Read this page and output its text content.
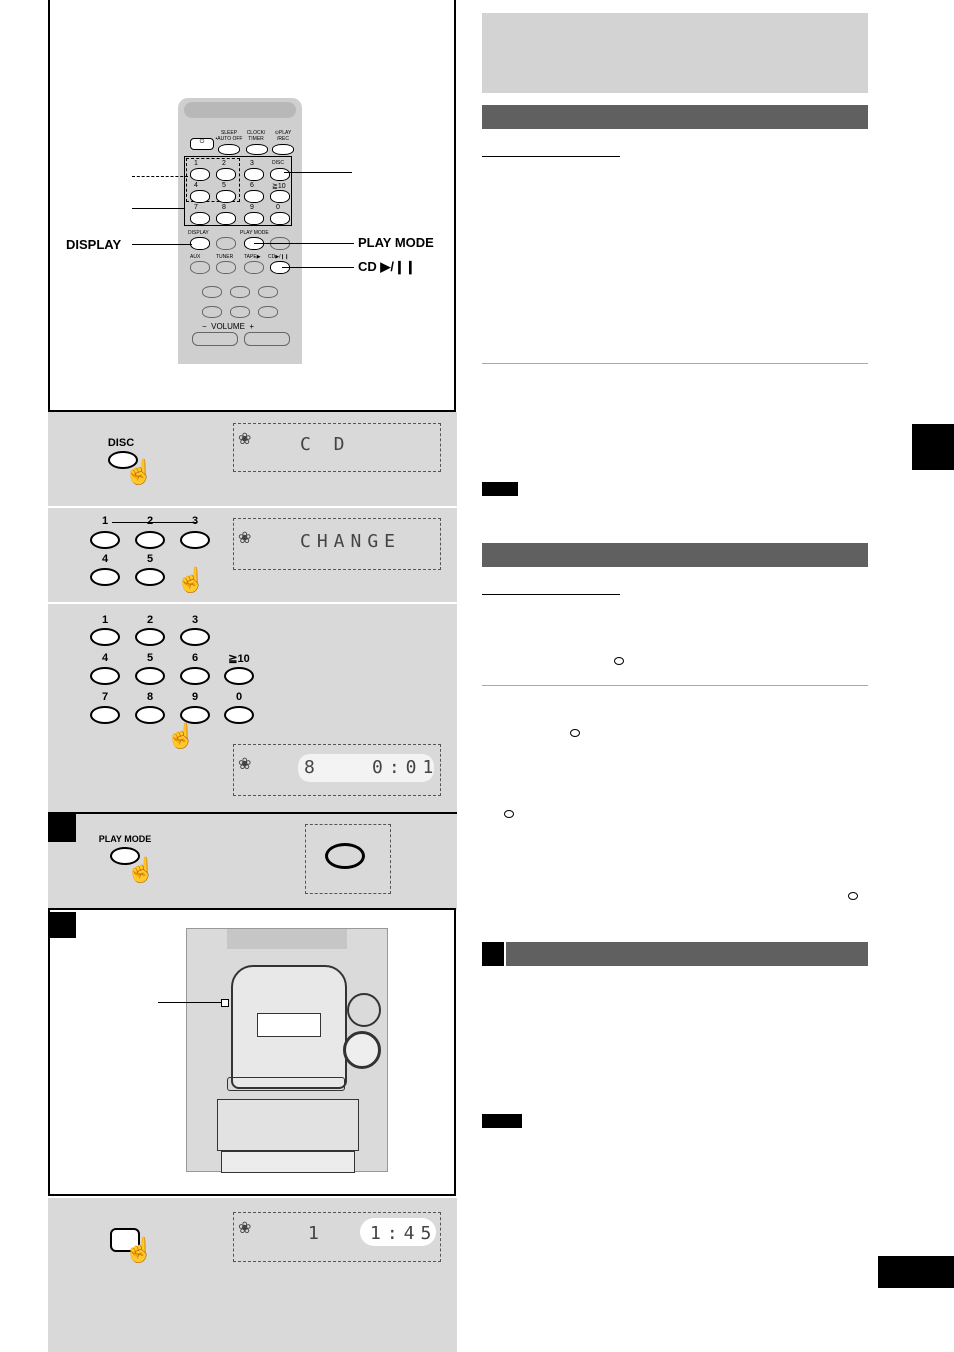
⏻
SLEEP •AUTO OFF
CLOCK/ TIMER
⊙PLAY /REC
1	2	3	DISC
4	5	6	≧10
7	8	9	0
DISPLAY	PLAY MODE
AUX	TUNER TAPE▶ CD▶/❙❙
−  VOLUME  +
DISPLAY	PLAY MODE
CD ▶/❙❙
DISC
☝
❀	C D
1	2	3
4	5
☝
❀	CHANGE
1	2	3
4	5	6	≧10
7	8	9	0
☝
❀	8	0:01
PLAY MODE
☝
☝
❀	1	1:45
